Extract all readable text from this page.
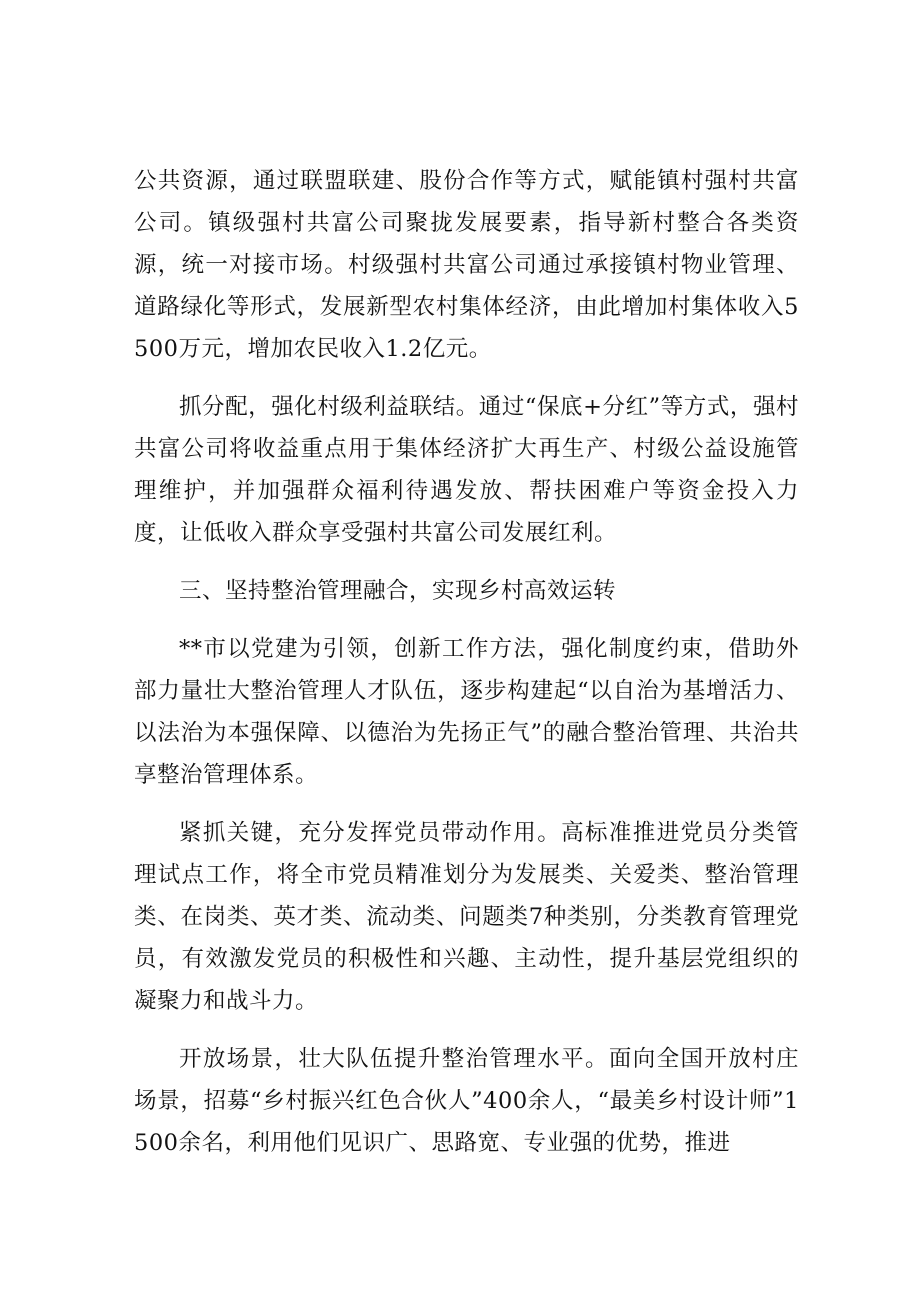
公共资源，通过联盟联建、股份合作等方式，赋能镇村强村共富公司。镇级强村共富公司聚拢发展要素，指导新村整合各类资源，统一对接市场。村级强村共富公司通过承接镇村物业管理、道路绿化等形式，发展新型农村集体经济，由此增加村集体收入5500万元，增加农民收入1.2亿元。

抓分配，强化村级利益联结。通过“保底+分红”等方式，强村共富公司将收益重点用于集体经济扩大再生产、村级公益设施管理维护，并加强群众福利待遇发放、帮扶困难户等资金投入力度，让低收入群众享受强村共富公司发展红利。

三、坚持整治管理融合，实现乡村高效运转

**市以党建为引领，创新工作方法，强化制度约束，借助外部力量壮大整治管理人才队伍，逐步构建起“以自治为基增活力、以法治为本强保障、以德治为先扬正气”的融合整治管理、共治共享整治管理体系。

紧抓关键，充分发挥党员带动作用。高标准推进党员分类管理试点工作，将全市党员精准划分为发展类、关爱类、整治管理类、在岗类、英才类、流动类、问题类7种类别，分类教育管理党员，有效激发党员的积极性和兴趣、主动性，提升基层党组织的凝聚力和战斗力。

开放场景，壮大队伍提升整治管理水平。面向全国开放村庄场景，招募“乡村振兴红色合伙人”400余人，“最美乡村设计师”1500余名，利用他们见识广、思路宽、专业强的优势，推进
